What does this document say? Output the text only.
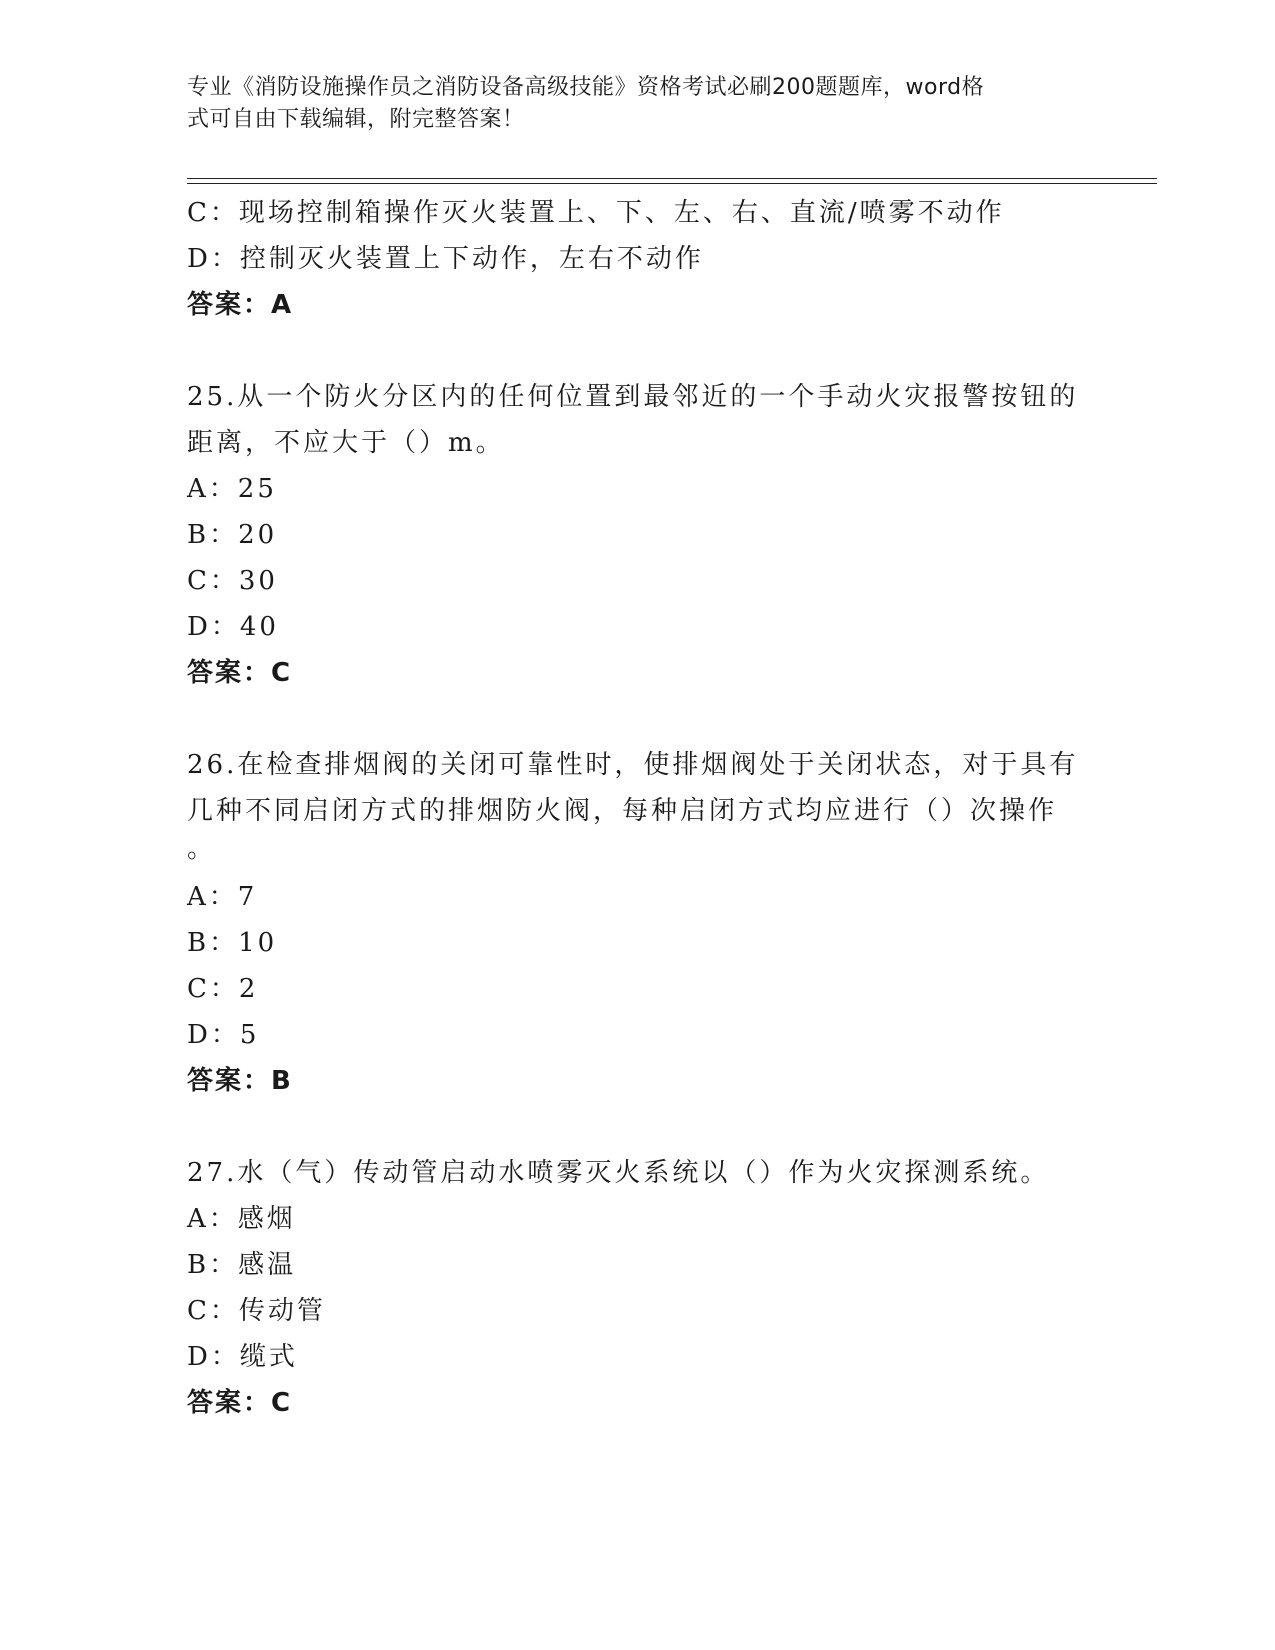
专业《消防设施操作员之消防设备高级技能》资格考试必刷200题题库，word格
式可自由下载编辑，附完整答案！
C：现场控制箱操作灭火装置上、下、左、右、直流/喷雾不动作
D：控制灭火装置上下动作，左右不动作
答案：A
25.从一个防火分区内的任何位置到最邻近的一个手动火灾报警按钮的
距离，不应大于（）m。
A：25
B：20
C：30
D：40
答案：C
26.在检查排烟阀的关闭可靠性时，使排烟阀处于关闭状态，对于具有
几种不同启闭方式的排烟防火阀，每种启闭方式均应进行（）次操作
。
A：7
B：10
C：2
D：5
答案：B
27.水（气）传动管启动水喷雾灭火系统以（）作为火灾探测系统。
A：感烟
B：感温
C：传动管
D：缆式
答案：C
